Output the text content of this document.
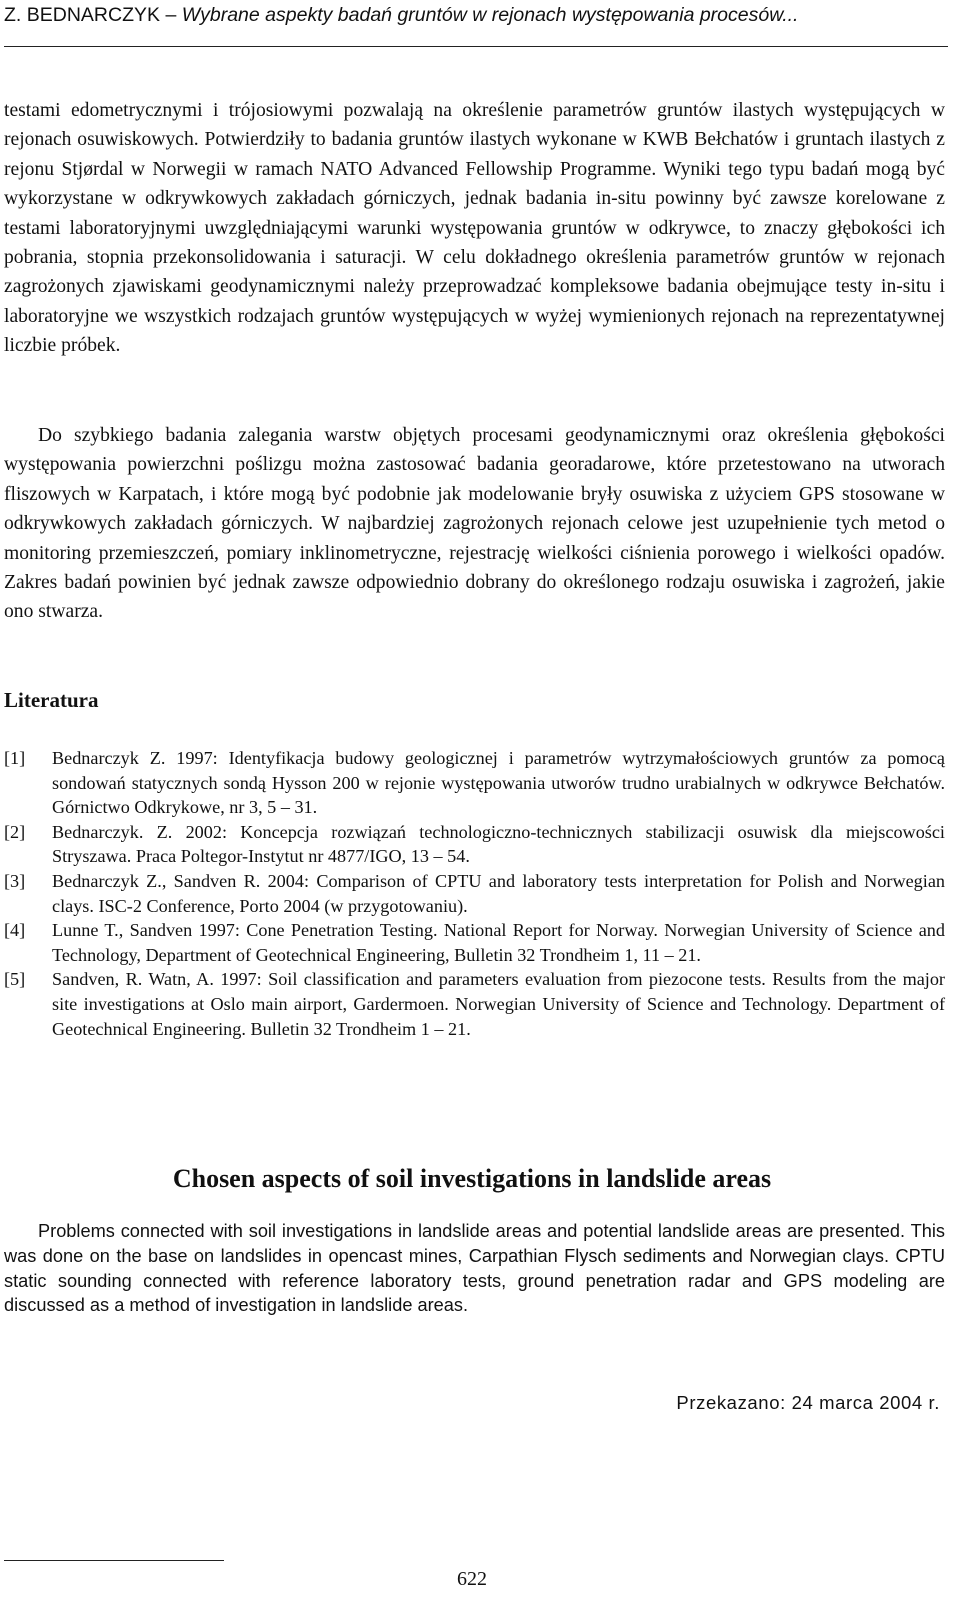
Z. BEDNARCZYK – Wybrane aspekty badań gruntów w rejonach występowania procesów...

testami edometrycznymi i trójosiowymi pozwalają na określenie parametrów gruntów ilastych występujących w rejonach osuwiskowych. Potwierdziły to badania gruntów ilastych wykonane w KWB Bełchatów i gruntach ilastych z rejonu Stjørdal w Norwegii w ramach NATO Advanced Fellowship Programme. Wyniki tego typu badań mogą być wykorzystane w odkrywkowych zakładach górniczych, jednak badania in-situ powinny być zawsze korelowane z testami laboratoryjnymi uwzględniającymi warunki występowania gruntów w odkrywce, to znaczy głębokości ich pobrania, stopnia przekonsolidowania i saturacji. W celu dokładnego określenia parametrów gruntów w rejonach zagrożonych zjawiskami geodynamicznymi należy przeprowadzać kompleksowe badania obejmujące testy in-situ i laboratoryjne we wszystkich rodzajach gruntów występujących w wyżej wymienionych rejonach na reprezentatywnej liczbie próbek.

Do szybkiego badania zalegania warstw objętych procesami geodynamicznymi oraz określenia głębokości występowania powierzchni poślizgu można zastosować badania georadarowe, które przetestowano na utworach fliszowych w Karpatach, i które mogą być podobnie jak modelowanie bryły osuwiska z użyciem GPS stosowane w odkrywkowych zakładach górniczych. W najbardziej zagrożonych rejonach celowe jest uzupełnienie tych metod o monitoring przemieszczeń, pomiary inklinometryczne, rejestrację wielkości ciśnienia porowego i wielkości opadów. Zakres badań powinien być jednak zawsze odpowiednio dobrany do określonego rodzaju osuwiska i zagrożeń, jakie ono stwarza.

Literatura
[1] Bednarczyk Z. 1997: Identyfikacja budowy geologicznej i parametrów wytrzymałościowych gruntów za pomocą sondowań statycznych sondą Hysson 200 w rejonie występowania utworów trudno urabialnych w odkrywce Bełchatów. Górnictwo Odkrykowe, nr 3, 5 – 31.
[2] Bednarczyk. Z. 2002: Koncepcja rozwiązań technologiczno-technicznych stabilizacji osuwisk dla miejscowości Stryszawa. Praca Poltegor-Instytut nr 4877/IGO, 13 – 54.
[3] Bednarczyk Z., Sandven R. 2004: Comparison of CPTU and laboratory tests interpretation for Polish and Norwegian clays. ISC-2 Conference, Porto 2004 (w przygotowaniu).
[4] Lunne T., Sandven 1997: Cone Penetration Testing. National Report for Norway. Norwegian University of Science and Technology, Department of Geotechnical Engineering, Bulletin 32 Trondheim 1, 11 – 21.
[5] Sandven, R. Watn, A. 1997: Soil classification and parameters evaluation from piezocone tests. Results from the major site investigations at Oslo main airport, Gardermoen. Norwegian University of Science and Technology. Department of Geotechnical Engineering. Bulletin 32 Trondheim 1 – 21.
Chosen aspects of soil investigations in landslide areas

Problems connected with soil investigations in landslide areas and potential landslide areas are presented. This was done on the base on landslides in opencast mines, Carpathian Flysch sediments and Norwegian clays. CPTU static sounding connected with reference laboratory tests, ground penetration radar and GPS modeling are discussed as a method of investigation in landslide areas.

Przekazano: 24 marca 2004 r.
622
